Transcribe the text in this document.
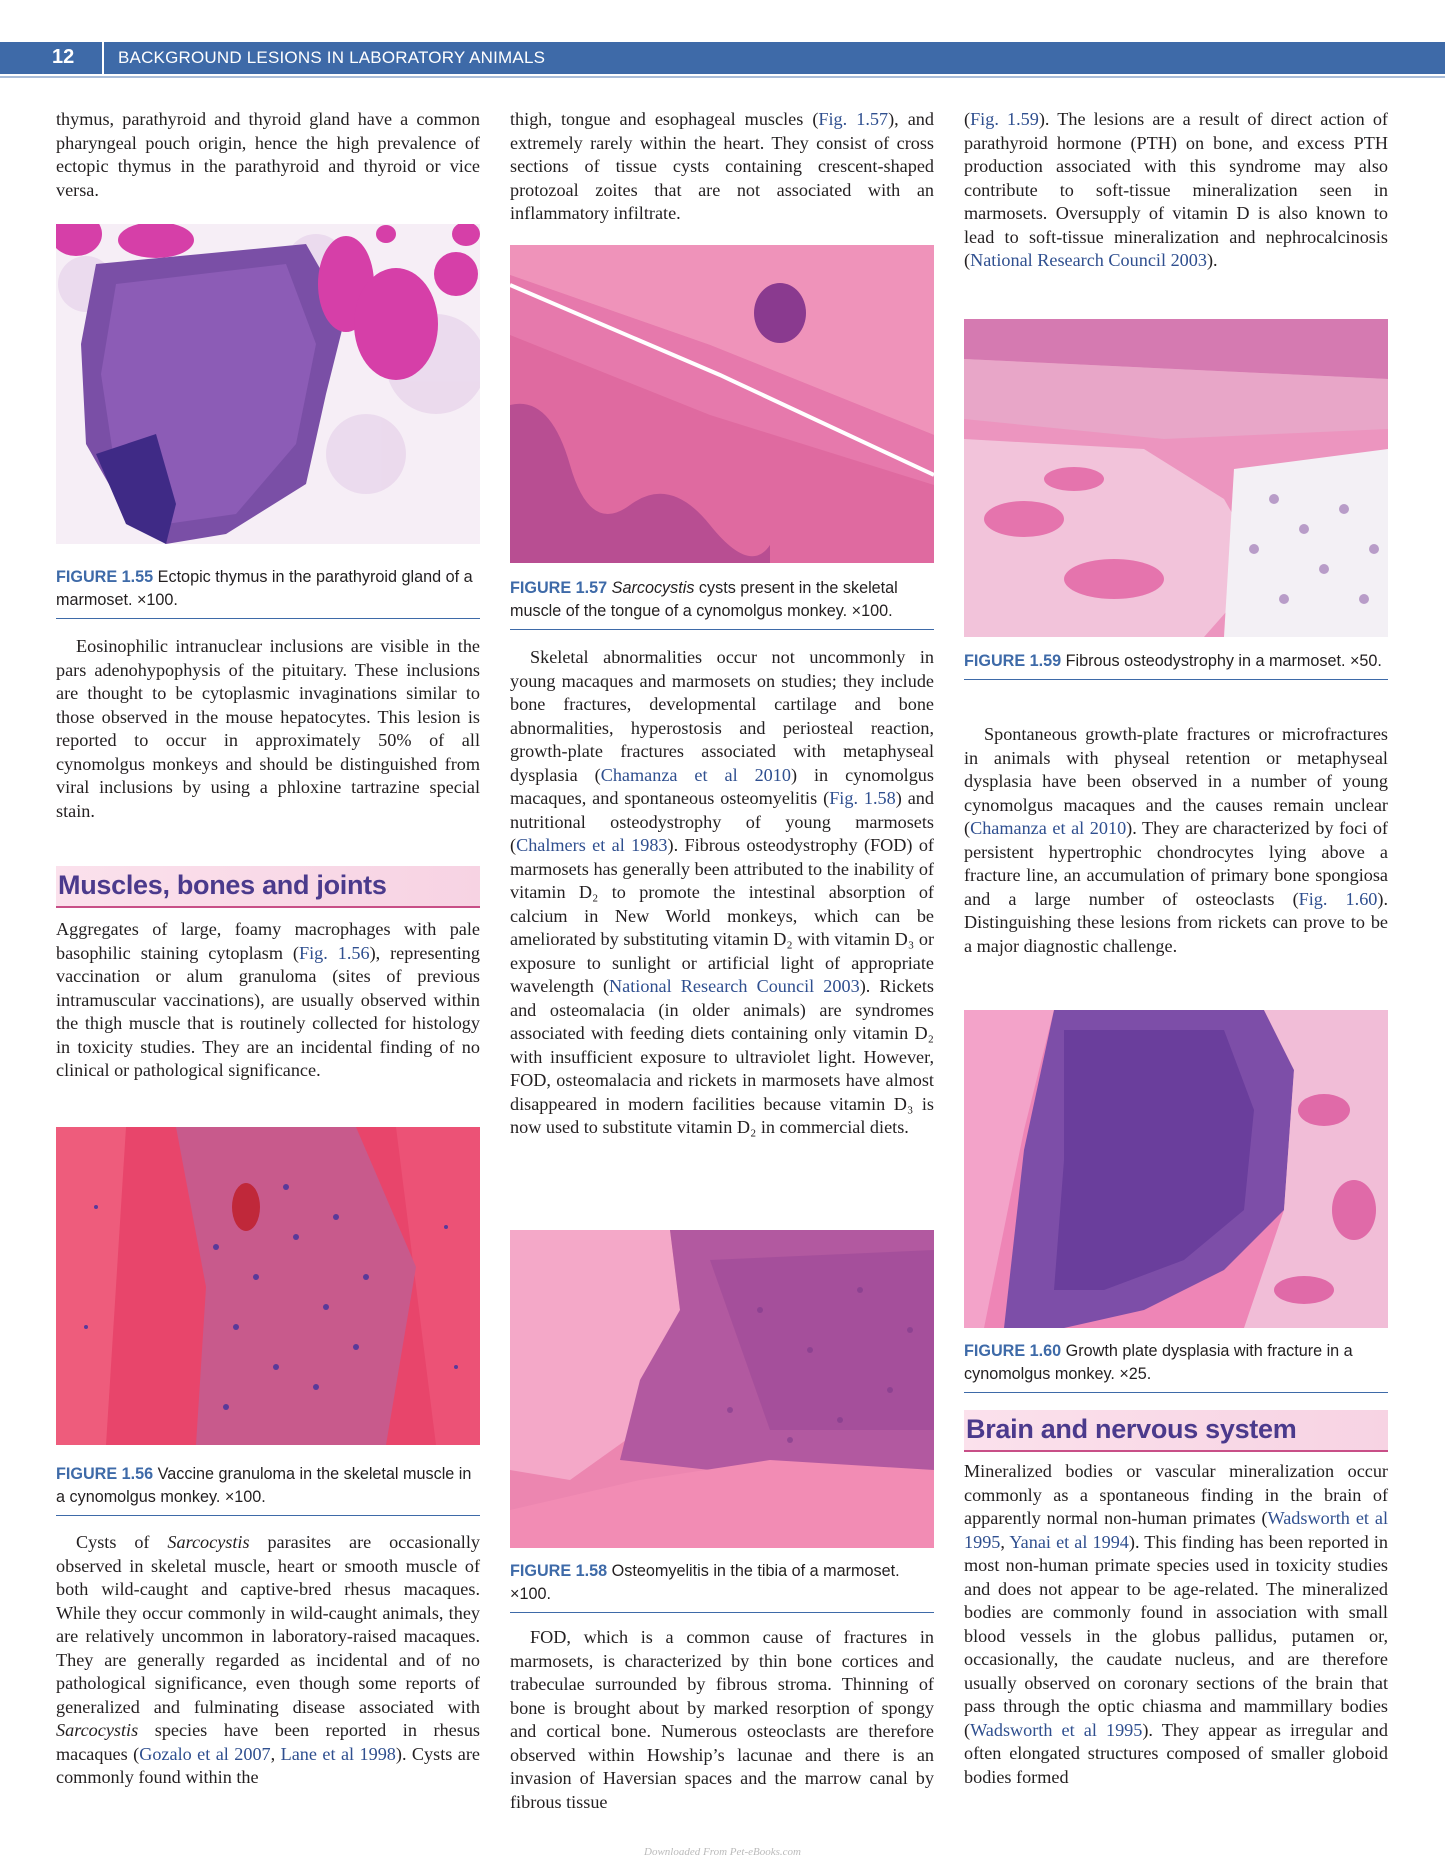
12	BACKGROUND LESIONS IN LABORATORY ANIMALS

thymus, parathyroid and thyroid gland have a common pharyngeal pouch origin, hence the high prevalence of ectopic thymus in the parathyroid and thyroid or vice versa.

FIGURE 1.55 Ectopic thymus in the parathyroid gland of a marmoset. ×100.

Eosinophilic intranuclear inclusions are visible in the pars adenohypophysis of the pituitary. These inclusions are thought to be cytoplasmic invaginations similar to those observed in the mouse hepatocytes. This lesion is reported to occur in approximately 50% of all cynomolgus monkeys and should be distinguished from viral inclusions by using a phloxine tartrazine special stain.

Muscles, bones and joints

Aggregates of large, foamy macrophages with pale basophilic staining cytoplasm (Fig. 1.56), representing vaccination or alum granuloma (sites of previous intramuscular vaccinations), are usually observed within the thigh muscle that is routinely collected for histology in toxicity studies. They are an incidental finding of no clinical or pathological significance.

FIGURE 1.56 Vaccine granuloma in the skeletal muscle in a cynomolgus monkey. ×100.

Cysts of Sarcocystis parasites are occasionally observed in skeletal muscle, heart or smooth muscle of both wild-caught and captive-bred rhesus macaques. While they occur commonly in wild-caught animals, they are relatively uncommon in laboratory-raised macaques. They are generally regarded as incidental and of no pathological significance, even though some reports of generalized and fulminating disease associated with Sarcocystis species have been reported in rhesus macaques (Gozalo et al 2007, Lane et al 1998). Cysts are commonly found within the

thigh, tongue and esophageal muscles (Fig. 1.57), and extremely rarely within the heart. They consist of cross sections of tissue cysts containing crescent-shaped protozoal zoites that are not associated with an inflammatory infiltrate.

FIGURE 1.57 Sarcocystis cysts present in the skeletal muscle of the tongue of a cynomolgus monkey. ×100.

Skeletal abnormalities occur not uncommonly in young macaques and marmosets on studies; they include bone fractures, developmental cartilage and bone abnormalities, hyperostosis and periosteal reaction, growth-plate fractures associated with metaphyseal dysplasia (Chamanza et al 2010) in cynomolgus macaques, and spontaneous osteomyelitis (Fig. 1.58) and nutritional osteodystrophy of young marmosets (Chalmers et al 1983). Fibrous osteodystrophy (FOD) of marmosets has generally been attributed to the inability of vitamin D₂ to promote the intestinal absorption of calcium in New World monkeys, which can be ameliorated by substituting vitamin D₂ with vitamin D₃ or exposure to sunlight or artificial light of appropriate wavelength (National Research Council 2003). Rickets and osteomalacia (in older animals) are syndromes associated with feeding diets containing only vitamin D₂ with insufficient exposure to ultraviolet light. However, FOD, osteomalacia and rickets in marmosets have almost disappeared in modern facilities because vitamin D₃ is now used to substitute vitamin D₂ in commercial diets.

FIGURE 1.58 Osteomyelitis in the tibia of a marmoset. ×100.

FOD, which is a common cause of fractures in marmosets, is characterized by thin bone cortices and trabeculae surrounded by fibrous stroma. Thinning of bone is brought about by marked resorption of spongy and cortical bone. Numerous osteoclasts are therefore observed within Howship’s lacunae and there is an invasion of Haversian spaces and the marrow canal by fibrous tissue

(Fig. 1.59). The lesions are a result of direct action of parathyroid hormone (PTH) on bone, and excess PTH production associated with this syndrome may also contribute to soft-tissue mineralization seen in marmosets. Oversupply of vitamin D is also known to lead to soft-tissue mineralization and nephrocalcinosis (National Research Council 2003).

FIGURE 1.59 Fibrous osteodystrophy in a marmoset. ×50.

Spontaneous growth-plate fractures or microfractures in animals with physeal retention or metaphyseal dysplasia have been observed in a number of young cynomolgus macaques and the causes remain unclear (Chamanza et al 2010). They are characterized by foci of persistent hypertrophic chondrocytes lying above a fracture line, an accumulation of primary bone spongiosa and a large number of osteoclasts (Fig. 1.60). Distinguishing these lesions from rickets can prove to be a major diagnostic challenge.

FIGURE 1.60 Growth plate dysplasia with fracture in a cynomolgus monkey. ×25.
Brain and nervous system

Mineralized bodies or vascular mineralization occur commonly as a spontaneous finding in the brain of apparently normal non-human primates (Wadsworth et al 1995, Yanai et al 1994). This finding has been reported in most non-human primate species used in toxicity studies and does not appear to be age-related. The mineralized bodies are commonly found in association with small blood vessels in the globus pallidus, putamen or, occasionally, the caudate nucleus, and are therefore usually observed on coronary sections of the brain that pass through the optic chiasma and mammillary bodies (Wadsworth et al 1995). They appear as irregular and often elongated structures composed of smaller globoid bodies formed

Downloaded From Pet-eBooks.com
